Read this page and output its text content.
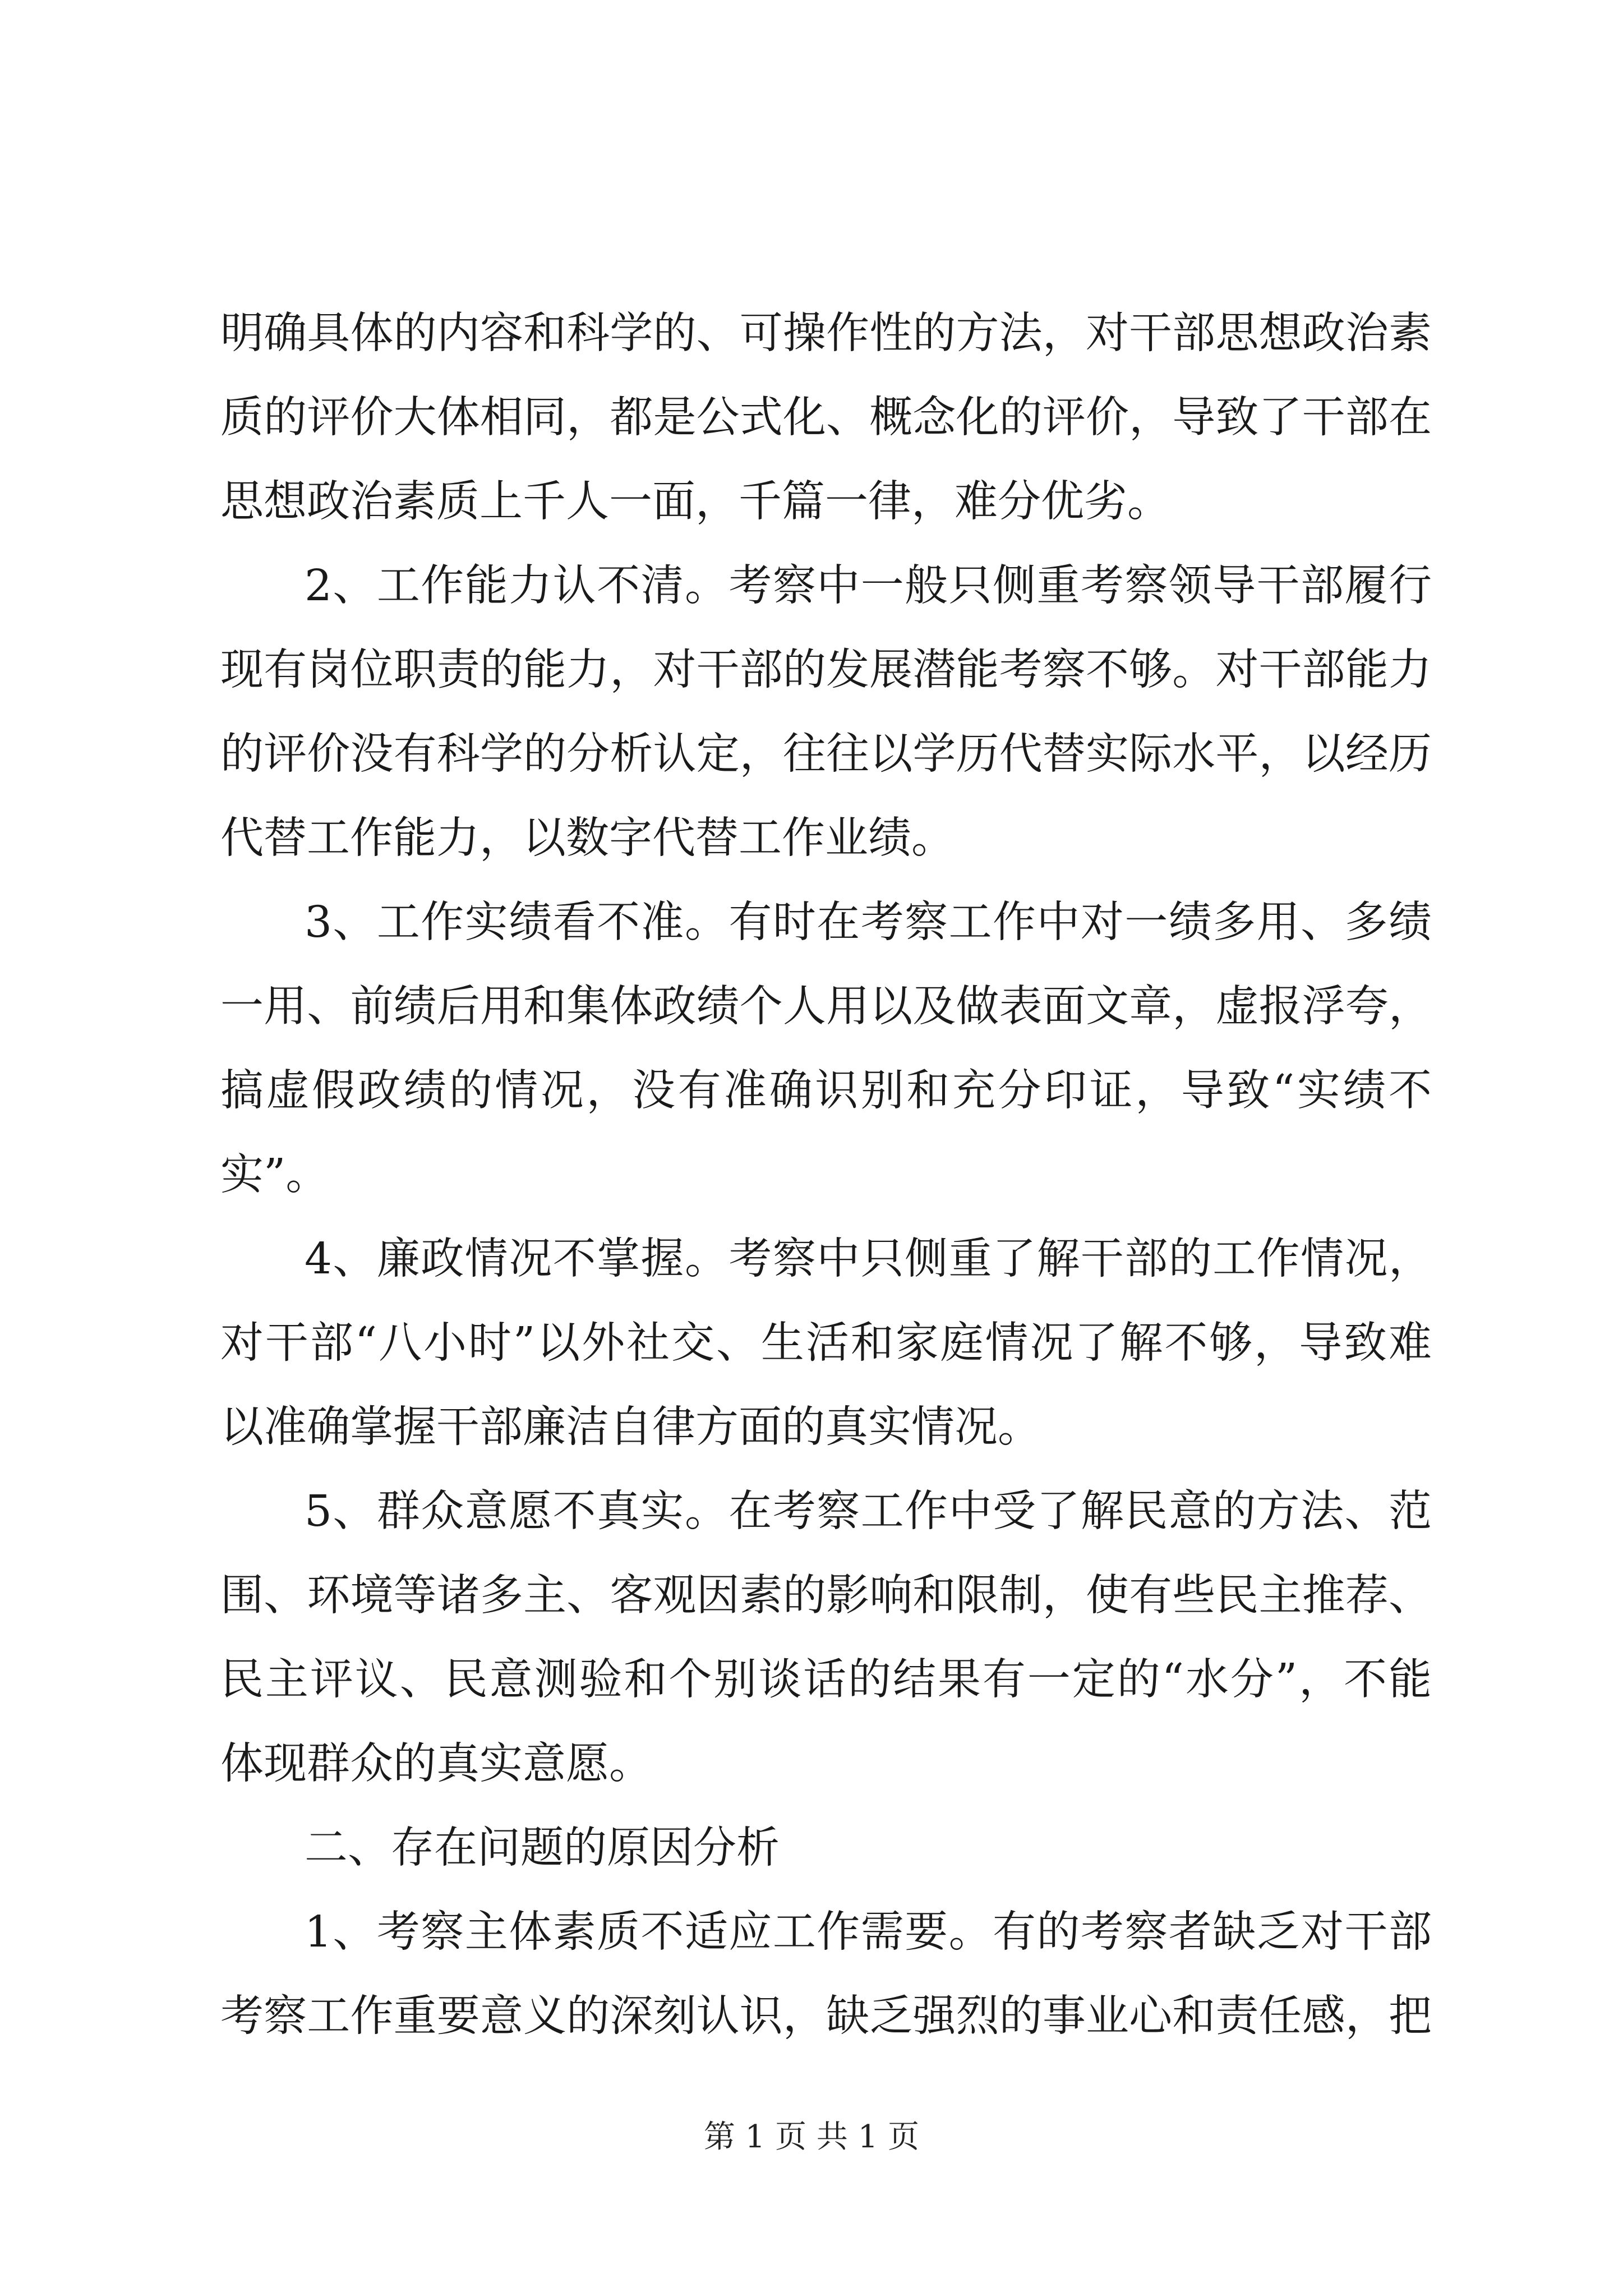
明确具体的内容和科学的、可操作性的方法，对干部思想政治素
质的评价大体相同，都是公式化、概念化的评价，导致了干部在
思想政治素质上千人一面，千篇一律，难分优劣。
2、工作能力认不清。考察中一般只侧重考察领导干部履行
现有岗位职责的能力，对干部的发展潜能考察不够。对干部能力
的评价没有科学的分析认定，往往以学历代替实际水平，以经历
代替工作能力，以数字代替工作业绩。
3、工作实绩看不准。有时在考察工作中对一绩多用、多绩
一用、前绩后用和集体政绩个人用以及做表面文章，虚报浮夸，
搞虚假政绩的情况，没有准确识别和充分印证，导致“实绩不
实”。
4、廉政情况不掌握。考察中只侧重了解干部的工作情况，
对干部“八小时”以外社交、生活和家庭情况了解不够，导致难
以准确掌握干部廉洁自律方面的真实情况。
5、群众意愿不真实。在考察工作中受了解民意的方法、范
围、环境等诸多主、客观因素的影响和限制，使有些民主推荐、
民主评议、民意测验和个别谈话的结果有一定的“水分”，不能
体现群众的真实意愿。
二、存在问题的原因分析
1、考察主体素质不适应工作需要。有的考察者缺乏对干部
考察工作重要意义的深刻认识，缺乏强烈的事业心和责任感，把
第 1 页 共 1 页
